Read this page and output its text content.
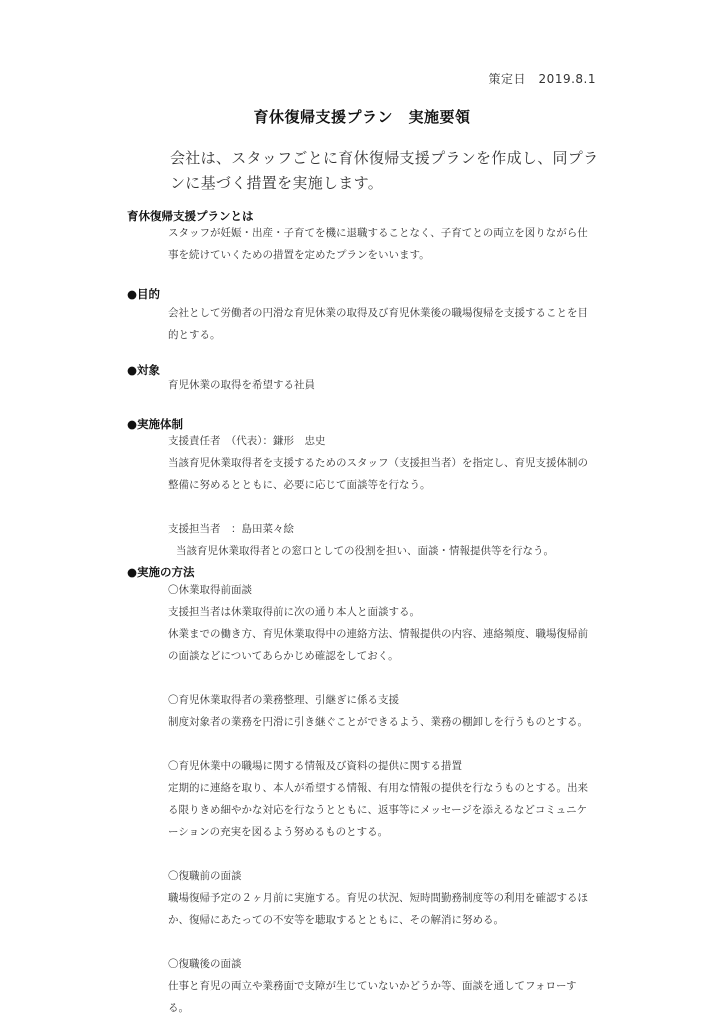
策定日　2019.8.1
育休復帰支援プラン　実施要領
会社は、スタッフごとに育休復帰支援プランを作成し、同プランに基づく措置を実施します。
育休復帰支援プランとは

スタッフが妊娠・出産・子育てを機に退職することなく、子育てとの両立を図りながら仕事を続けていくための措置を定めたプランをいいます。

●目的

会社として労働者の円滑な育児休業の取得及び育児休業後の職場復帰を支援することを目的とする。

●対象

育児休業の取得を希望する社員

●実施体制

支援責任者　（代表）：鎌形　忠史

当該育児休業取得者を支援するためのスタッフ（支援担当者）を指定し、育児支援体制の整備に努めるとともに、必要に応じて面談等を行なう。

支援担当者　：島田菜々絵

当該育児休業取得者との窓口としての役割を担い、面談・情報提供等を行なう。

●実施の方法

〇休業取得前面談

支援担当者は休業取得前に次の通り本人と面談する。

休業までの働き方、育児休業取得中の連絡方法、情報提供の内容、連絡頻度、職場復帰前の面談などについてあらかじめ確認をしておく。

〇育児休業取得者の業務整理、引継ぎに係る支援

制度対象者の業務を円滑に引き継ぐことができるよう、業務の棚卸しを行うものとする。

〇育児休業中の職場に関する情報及び資料の提供に関する措置

定期的に連絡を取り、本人が希望する情報、有用な情報の提供を行なうものとする。出来る限りきめ細やかな対応を行なうとともに、返事等にメッセージを添えるなどコミュニケーションの充実を図るよう努めるものとする。

〇復職前の面談

職場復帰予定の２ヶ月前に実施する。育児の状況、短時間勤務制度等の利用を確認するほか、復帰にあたっての不安等を聴取するとともに、その解消に努める。

〇復職後の面談

仕事と育児の両立や業務面で支障が生じていないかどうか等、面談を通してフォローする。
